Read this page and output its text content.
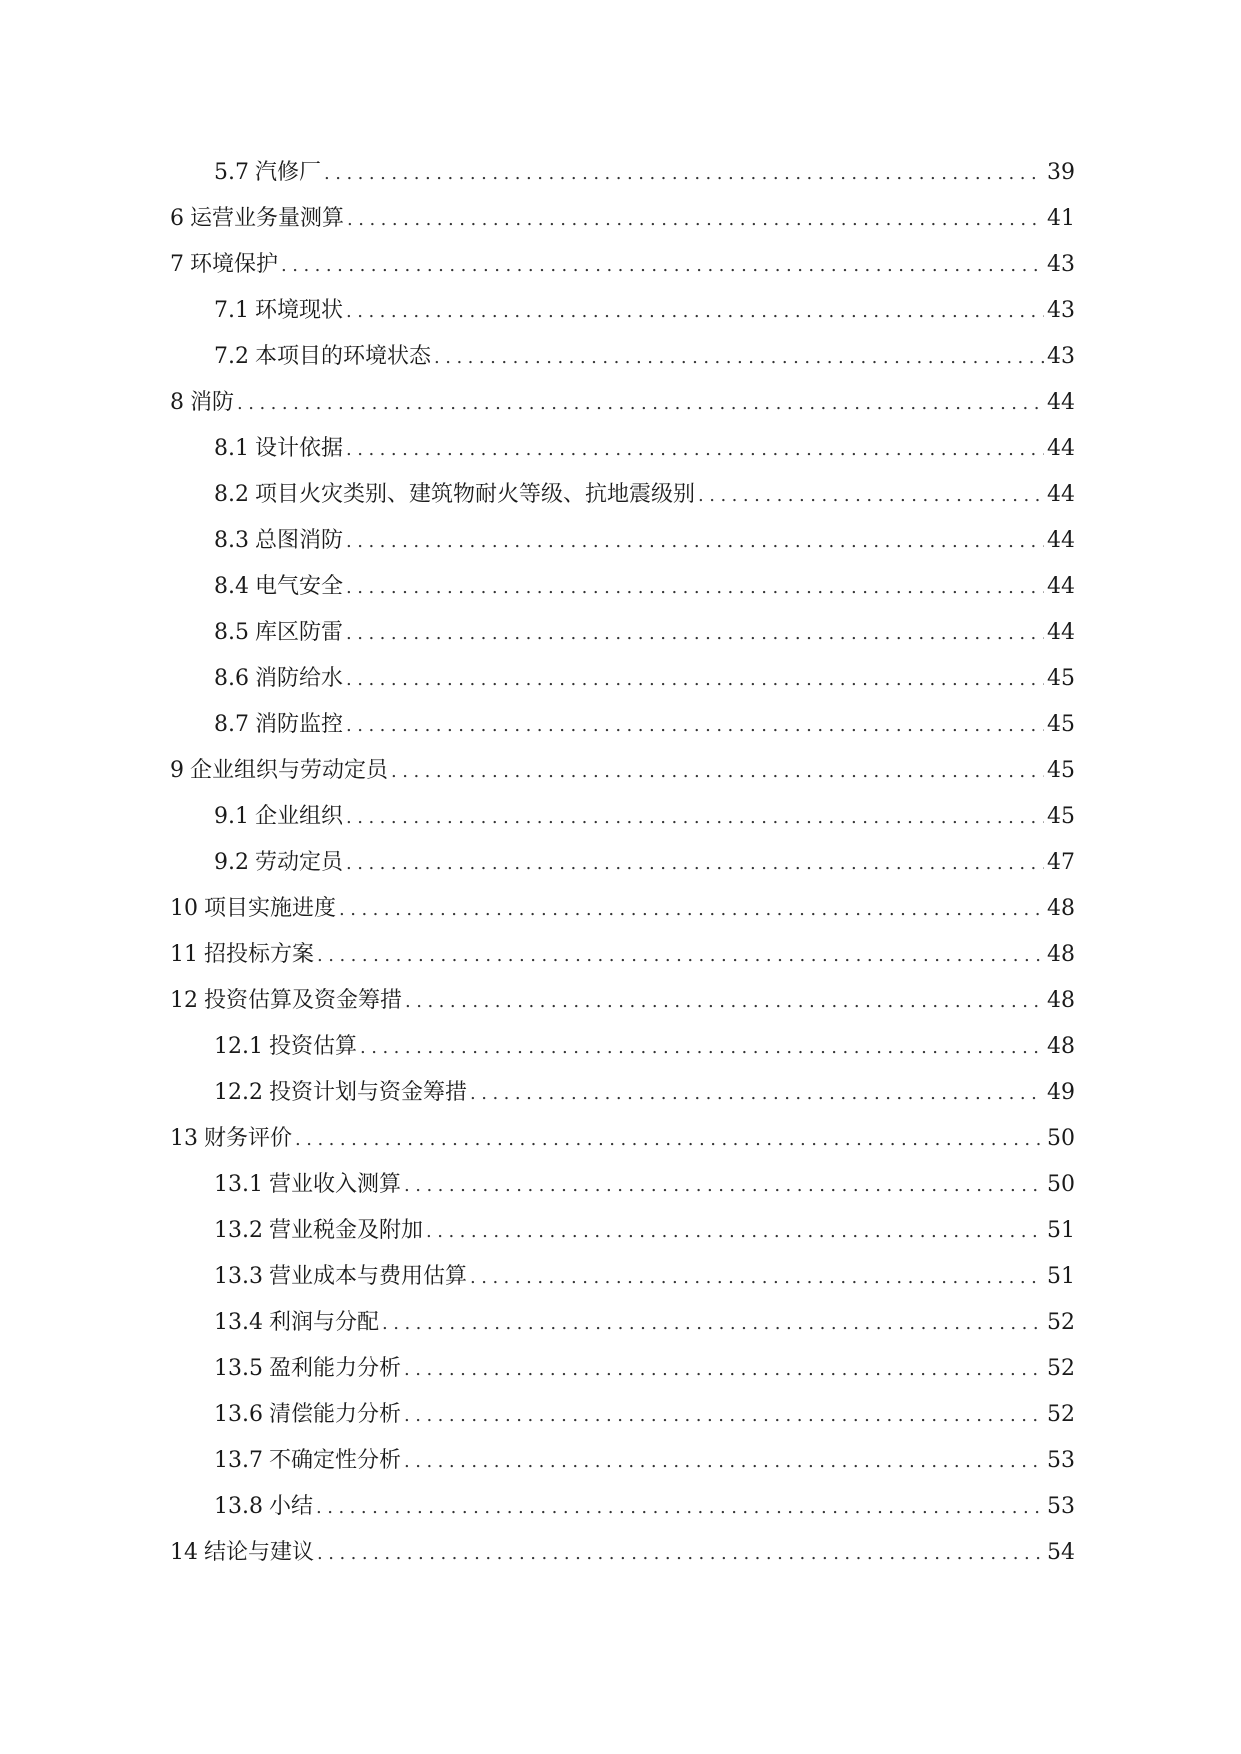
5.7 汽修厂 .....	39
6 运营业务量测算 .....	41
7 环境保护 .....	43
7.1 环境现状 .....	43
7.2 本项目的环境状态 .....	43
8 消防 .....	44
8.1 设计依据 .....	44
8.2 项目火灾类别、建筑物耐火等级、抗地震级别 .....	44
8.3 总图消防 .....	44
8.4 电气安全 .....	44
8.5 库区防雷 .....	44
8.6 消防给水 .....	45
8.7 消防监控 .....	45
9 企业组织与劳动定员 .....	45
9.1 企业组织 .....	45
9.2 劳动定员 .....	47
10 项目实施进度 .....	48
11 招投标方案 .....	48
12 投资估算及资金筹措 .....	48
12.1 投资估算 .....	48
12.2 投资计划与资金筹措 .....	49
13 财务评价 .....	50
13.1 营业收入测算 .....	50
13.2 营业税金及附加 .....	51
13.3 营业成本与费用估算 .....	51
13.4 利润与分配 .....	52
13.5 盈利能力分析 .....	52
13.6 清偿能力分析 .....	52
13.7 不确定性分析 .....	53
13.8 小结 .....	53
14 结论与建议 .....	54
